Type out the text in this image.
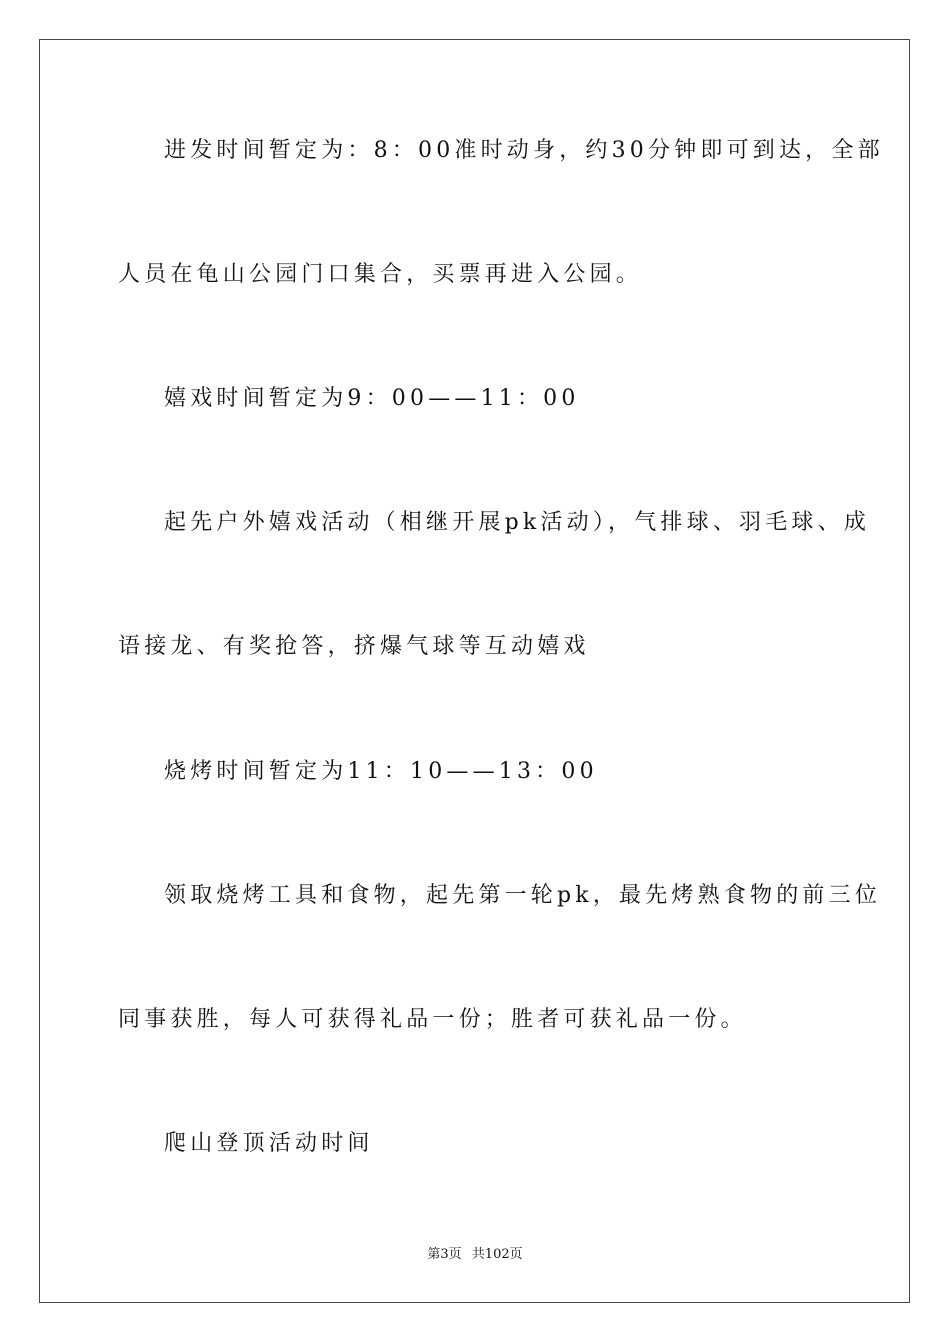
进发时间暂定为：8：00准时动身，约30分钟即可到达，全部
人员在龟山公园门口集合，买票再进入公园。
嬉戏时间暂定为9：00——11：00
起先户外嬉戏活动（相继开展pk活动），气排球、羽毛球、成
语接龙、有奖抢答，挤爆气球等互动嬉戏
烧烤时间暂定为11：10——13：00
领取烧烤工具和食物，起先第一轮pk，最先烤熟食物的前三位
同事获胜，每人可获得礼品一份；胜者可获礼品一份。
爬山登顶活动时间
第3页 共102页
